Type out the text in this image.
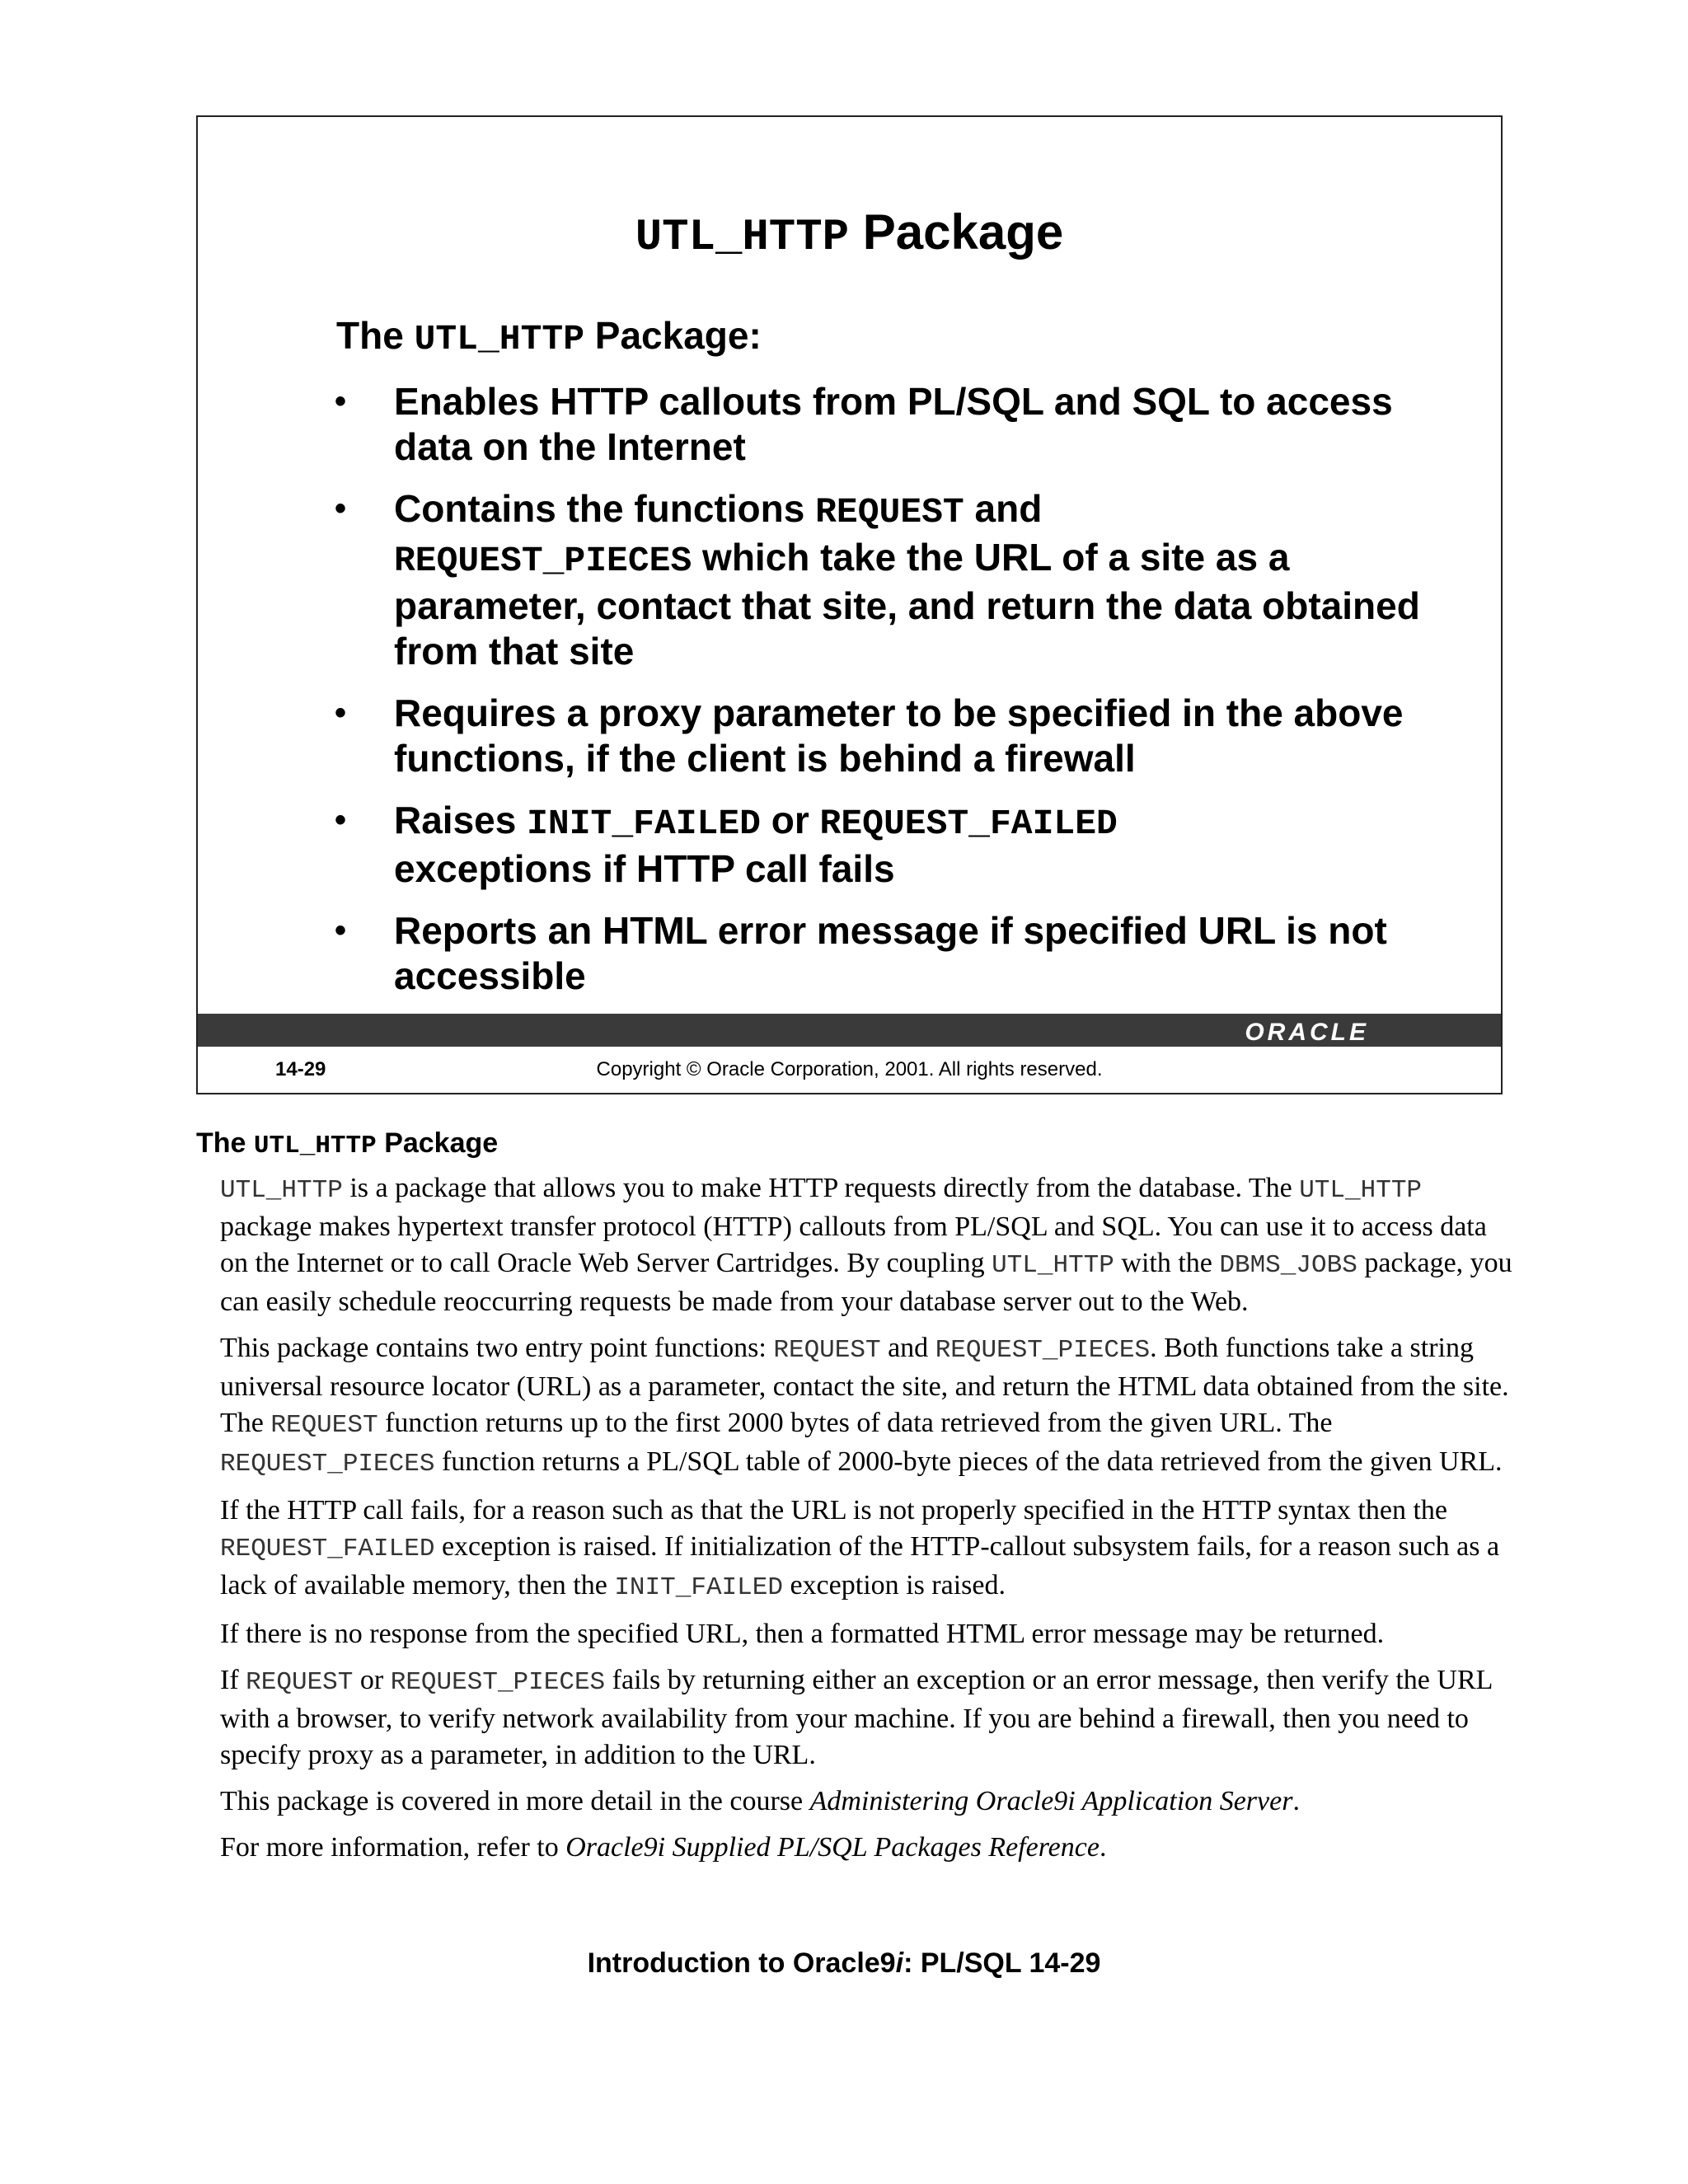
UTL_HTTP Package
The UTL_HTTP Package:
• Enables HTTP callouts from PL/SQL and SQL to access data on the Internet
• Contains the functions REQUEST and
REQUEST_PIECES which take the URL of a site as a parameter, contact that site, and return the data obtained from that site
• Requires a proxy parameter to be specified in the above functions, if the client is behind a firewall
• Raises INIT_FAILED or REQUEST_FAILED
exceptions if HTTP call fails
• Reports an HTML error message if specified URL is not accessible
ORACLE
14-29	Copyright © Oracle Corporation, 2001. All rights reserved.
The UTL_HTTP Package

UTL_HTTP is a package that allows you to make HTTP requests directly from the database. The UTL_HTTP package makes hypertext transfer protocol (HTTP) callouts from PL/SQL and SQL. You can use it to access data on the Internet or to call Oracle Web Server Cartridges. By coupling UTL_HTTP with the DBMS_JOBS package, you can easily schedule reoccurring requests be made from your database server out to the Web.

This package contains two entry point functions: REQUEST and REQUEST_PIECES. Both functions take a string universal resource locator (URL) as a parameter, contact the site, and return the HTML data obtained from the site. The REQUEST function returns up to the first 2000 bytes of data retrieved from the given URL. The REQUEST_PIECES function returns a PL/SQL table of 2000-byte pieces of the data retrieved from the given URL.

If the HTTP call fails, for a reason such as that the URL is not properly specified in the HTTP syntax then the REQUEST_FAILED exception is raised. If initialization of the HTTP-callout subsystem fails, for a reason such as a lack of available memory, then the INIT_FAILED exception is raised.

If there is no response from the specified URL, then a formatted HTML error message may be returned.

If REQUEST or REQUEST_PIECES fails by returning either an exception or an error message, then verify the URL with a browser, to verify network availability from your machine. If you are behind a firewall, then you need to specify proxy as a parameter, in addition to the URL.

This package is covered in more detail in the course Administering Oracle9i Application Server.

For more information, refer to Oracle9i Supplied PL/SQL Packages Reference.

Introduction to Oracle9i: PL/SQL 14-29
